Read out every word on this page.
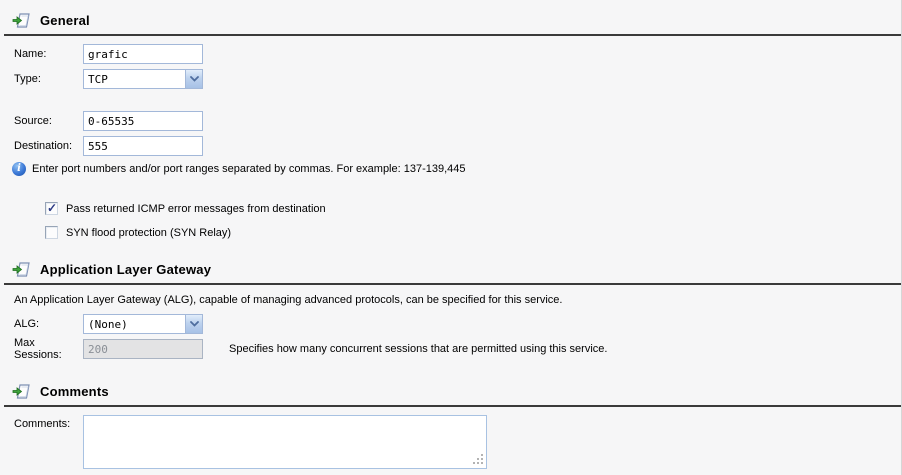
General
Name:
grafic
Type:	TCP
Source:
0-65535
Destination:
555
i	Enter port numbers and/or port ranges separated by commas. For example: 137-139,445
✓
Pass returned ICMP error messages from destination
SYN flood protection (SYN Relay)
Application Layer Gateway
An Application Layer Gateway (ALG), capable of managing advanced protocols, can be specified for this service.
ALG:	(None)
Max Sessions:
200	Specifies how many concurrent sessions that are permitted using this service.
Comments
Comments:
